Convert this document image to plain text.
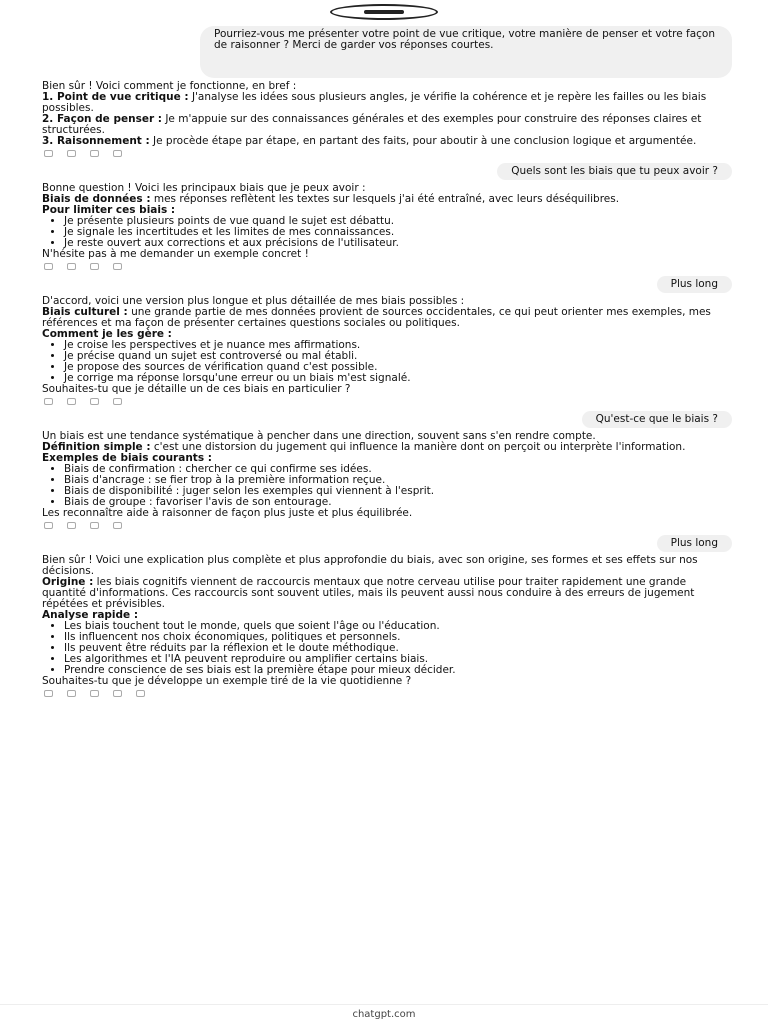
Pourriez-vous me présenter votre point de vue critique, votre manière de penser et votre façon de raisonner ? Merci de garder vos réponses courtes.
Bien sûr ! Voici comment je fonctionne, en bref :
1. Point de vue critique : J'analyse les idées sous plusieurs angles, je vérifie la cohérence et je repère les failles ou les biais possibles.
2. Façon de penser : Je m'appuie sur des connaissances générales et des exemples pour construire des réponses claires et structurées.
3. Raisonnement : Je procède étape par étape, en partant des faits, pour aboutir à une conclusion logique et argumentée.
Quels sont les biais que tu peux avoir ?
Bonne question ! Voici les principaux biais que je peux avoir :
Biais de données : mes réponses reflètent les textes sur lesquels j'ai été entraîné, avec leurs déséquilibres.
Pour limiter ces biais :
• Je présente plusieurs points de vue quand le sujet est débattu.
• Je signale les incertitudes et les limites de mes connaissances.
• Je reste ouvert aux corrections et aux précisions de l'utilisateur.
N'hésite pas à me demander un exemple concret !
Plus long
D'accord, voici une version plus longue et plus détaillée de mes biais possibles :
Biais culturel : une grande partie de mes données provient de sources occidentales, ce qui peut orienter mes exemples, mes références et ma façon de présenter certaines questions sociales ou politiques.
Comment je les gère :
• Je croise les perspectives et je nuance mes affirmations.
• Je précise quand un sujet est controversé ou mal établi.
• Je propose des sources de vérification quand c'est possible.
• Je corrige ma réponse lorsqu'une erreur ou un biais m'est signalé.
Souhaites-tu que je détaille un de ces biais en particulier ?
Qu'est-ce que le biais ?
Un biais est une tendance systématique à pencher dans une direction, souvent sans s'en rendre compte.
Définition simple : c'est une distorsion du jugement qui influence la manière dont on perçoit ou interprète l'information.
Exemples de biais courants :
• Biais de confirmation : chercher ce qui confirme ses idées.
• Biais d'ancrage : se fier trop à la première information reçue.
• Biais de disponibilité : juger selon les exemples qui viennent à l'esprit.
• Biais de groupe : favoriser l'avis de son entourage.
Les reconnaître aide à raisonner de façon plus juste et plus équilibrée.
Plus long
Bien sûr ! Voici une explication plus complète et plus approfondie du biais, avec son origine, ses formes et ses effets sur nos décisions.
Origine : les biais cognitifs viennent de raccourcis mentaux que notre cerveau utilise pour traiter rapidement une grande quantité d'informations. Ces raccourcis sont souvent utiles, mais ils peuvent aussi nous conduire à des erreurs de jugement répétées et prévisibles.
Analyse rapide :
• Les biais touchent tout le monde, quels que soient l'âge ou l'éducation.
• Ils influencent nos choix économiques, politiques et personnels.
• Ils peuvent être réduits par la réflexion et le doute méthodique.
• Les algorithmes et l'IA peuvent reproduire ou amplifier certains biais.
• Prendre conscience de ses biais est la première étape pour mieux décider.
Souhaites-tu que je développe un exemple tiré de la vie quotidienne ?
chatgpt.com
